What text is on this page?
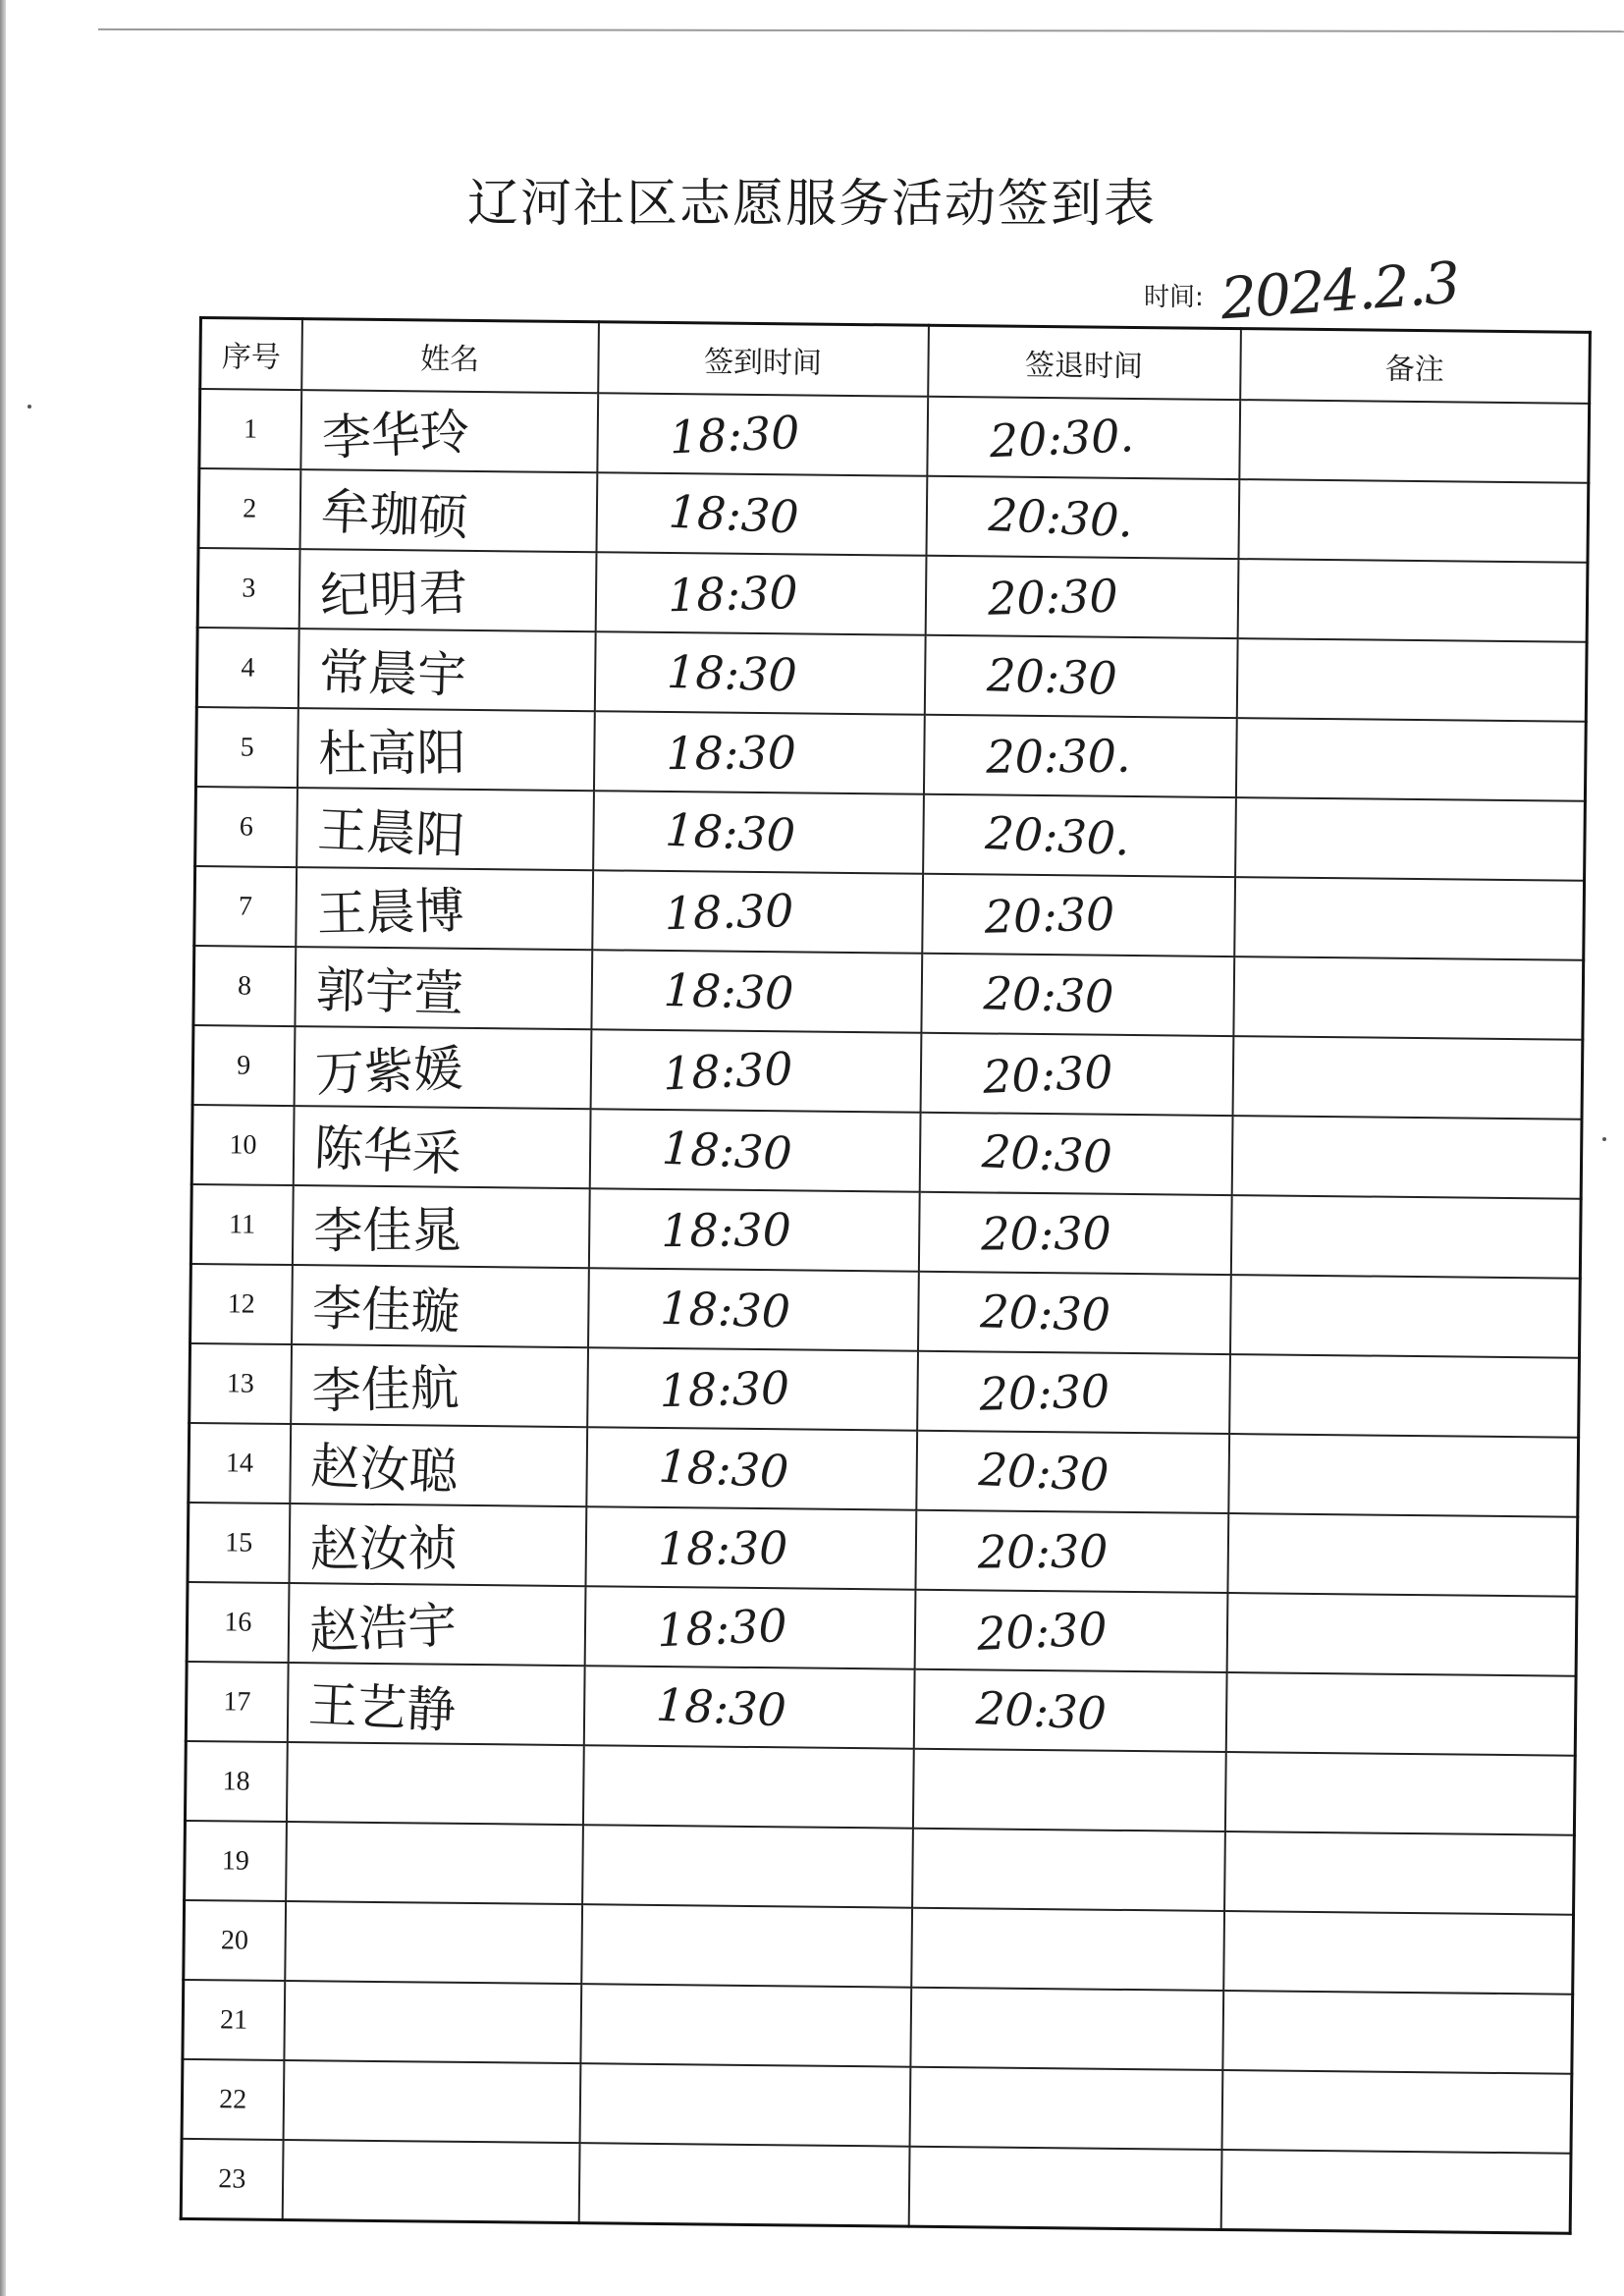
辽河社区志愿服务活动签到表
时间: 2024.2.3
序号	姓名	签到时间	签退时间	备注
1	李华玲	18:30	20:30.	
2	牟珈硕	18:30	20:30.	
3	纪明君	18:30	20:30	
4	常晨宇	18:30	20:30	
5	杜高阳	18:30	20:30.	
6	王晨阳	18:30	20:30.	
7	王晨博	18.30	20:30	
8	郭宇萱	18:30	20:30	
9	万紫媛	18:30	20:30	
10	陈华采	18:30	20:30	
11	李佳晁	18:30	20:30	
12	李佳璇	18:30	20:30	
13	李佳航	18:30	20:30	
14	赵汝聪	18:30	20:30	
15	赵汝祯	18:30	20:30	
16	赵浩宇	18:30	20:30	
17	王艺静	18:30	20:30	
18				
19				
20				
21				
22				
23				
